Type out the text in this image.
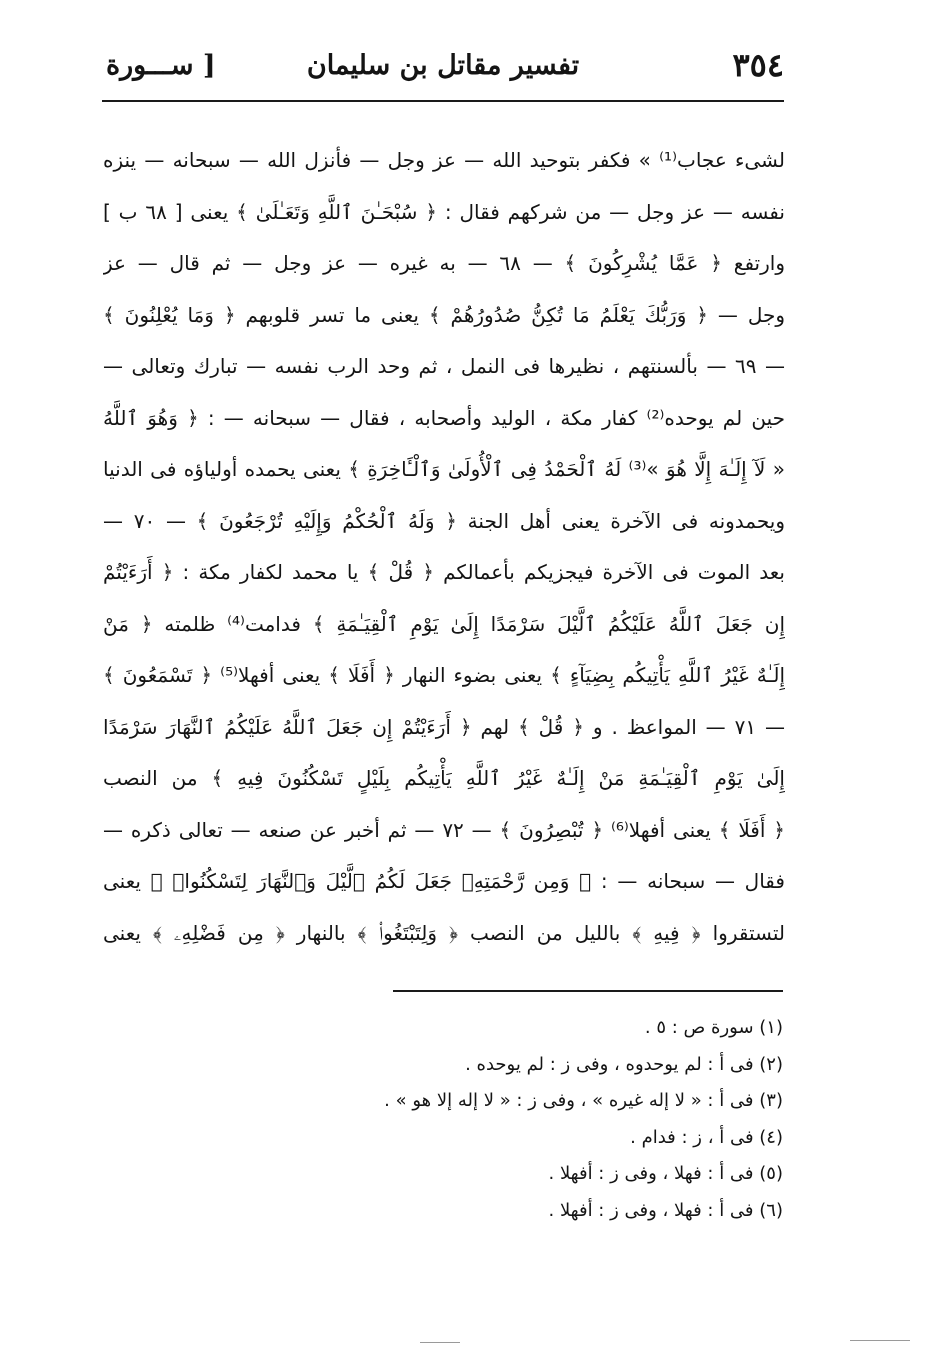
٣٥٤
تفسير مقاتل بن سليمان
[ ســـورة
لشىء عجاب⁽¹⁾ » فكفر بتوحيد الله — عز وجل — فأنزل الله — سبحانه — ينزه
نفسه — عز وجل — من شركهم فقال : ﴿ سُبْحَـٰنَ ٱللَّهِ وَتَعَـٰلَىٰ ﴾ يعنى [ ٦٨ ب ]
وارتفع ﴿ عَمَّا يُشْرِكُونَ ﴾ — ٦٨ — به غيره — عز وجل — ثم قال — عز
وجل — ﴿ وَرَبُّكَ يَعْلَمُ مَا تُكِنُّ صُدُورُهُمْ ﴾ يعنى ما تسر قلوبهم ﴿ وَمَا يُعْلِنُونَ ﴾
— ٦٩ — بألسنتهم ، نظيرها فى النمل ، ثم وحد الرب نفسه — تبارك وتعالى —
حين لم يوحده⁽²⁾ كفار مكة ، الوليد وأصحابه ، فقال — سبحانه — : ﴿ وَهُوَ ٱللَّهُ
« لَآ إِلَـٰهَ إِلَّا هُوَ »⁽³⁾ لَهُ ٱلْحَمْدُ فِى ٱلْأُولَىٰ وَٱلْـَٔاخِرَةِ ﴾ يعنى يحمده أولياؤه فى الدنيا
ويحمدونه فى الآخرة يعنى أهل الجنة ﴿ وَلَهُ ٱلْحُكْمُ وَإِلَيْهِ تُرْجَعُونَ ﴾ — ٧٠ —
بعد الموت فى الآخرة فيجزيكم بأعمالكم ﴿ قُلْ ﴾ يا محمد لكفار مكة : ﴿ أَرَءَيْتُمْ
إِن جَعَلَ ٱللَّهُ عَلَيْكُمُ ٱلَّيْلَ سَرْمَدًا إِلَىٰ يَوْمِ ٱلْقِيَـٰمَةِ ﴾ فدامت⁽⁴⁾ ظلمته ﴿ مَنْ
إِلَـٰهٌ غَيْرُ ٱللَّهِ يَأْتِيكُم بِضِيَآءٍ ﴾ يعنى بضوء النهار ﴿ أَفَلَا ﴾ يعنى أفهلا⁽⁵⁾ ﴿ تَسْمَعُونَ ﴾
— ٧١ — المواعظ . و ﴿ قُلْ ﴾ لهم ﴿ أَرَءَيْتُمْ إِن جَعَلَ ٱللَّهُ عَلَيْكُمُ ٱلنَّهَارَ سَرْمَدًا
إِلَىٰ يَوْمِ ٱلْقِيَـٰمَةِ مَنْ إِلَـٰهٌ غَيْرُ ٱللَّهِ يَأْتِيكُم بِلَيْلٍ تَسْكُنُونَ فِيهِ ﴾ من النصب
﴿ أَفَلَا ﴾ يعنى أفهلا⁽⁶⁾ ﴿ تُبْصِرُونَ ﴾ — ٧٢ — ثم أخبر عن صنعه — تعالى ذكره —
فقال — سبحانه — : ﴿ وَمِن رَّحْمَتِهِۦ جَعَلَ لَكُمُ ٱلَّيْلَ وَٱلنَّهَارَ لِتَسْكُنُوا۟ ﴾ يعنى
لتستقروا ﴿ فِيهِ ﴾ بالليل من النصب ﴿ وَلِتَبْتَغُوا۟ ﴾ بالنهار ﴿ مِن فَضْلِهِۦ ﴾ يعنى
(١) سورة ص : ٥ .
(٢) فى أ : لم يوحدوه ، وفى ز : لم يوحده .
(٣) فى أ : « لا إله غيره » ، وفى ز : « لا إله إلا هو » .
(٤) فى أ ، ز : فدام .
(٥) فى أ : فهلا ، وفى ز : أفهلا .
(٦) فى أ : فهلا ، وفى ز : أفهلا .
